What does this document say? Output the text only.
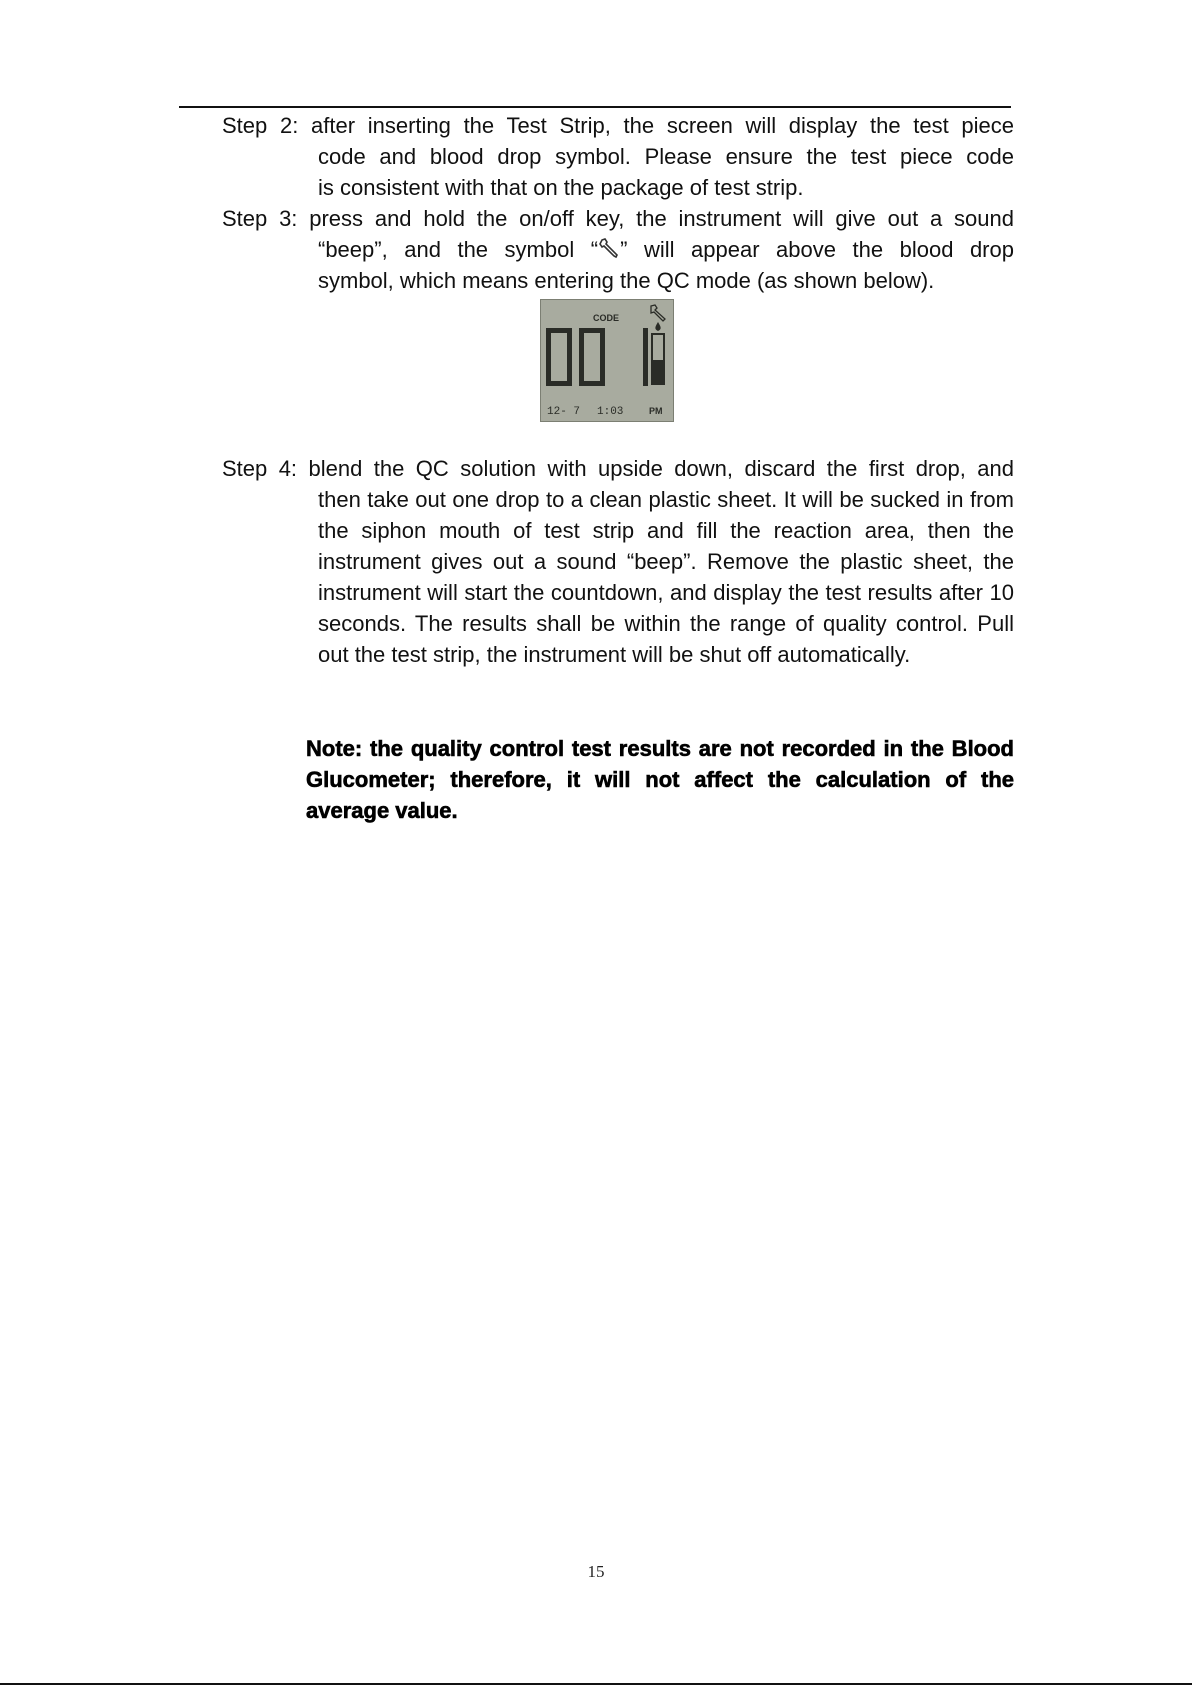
Step 2: after inserting the Test Strip, the screen will display the test piece
code and blood drop symbol. Please ensure the test piece code
is consistent with that on the package of test strip.
Step 3: press and hold the on/off key, the instrument will give out a sound
“beep”, and the symbol “ ” will appear above the blood drop
symbol, which means entering the QC mode (as shown below).
CODE
12- 7 1:03	PM
Step 4: blend the QC solution with upside down, discard the first drop, and
then take out one drop to a clean plastic sheet. It will be sucked in from the siphon mouth of test strip and fill the reaction area, then the instrument gives out a sound “beep”. Remove the plastic sheet, the instrument will start the countdown, and display the test results after 10 seconds. The results shall be within the range of quality control. Pull out the test strip, the instrument will be shut off automatically.
Note: the quality control test results are not recorded in the Blood Glucometer; therefore, it will not affect the calculation of the average value.
15
